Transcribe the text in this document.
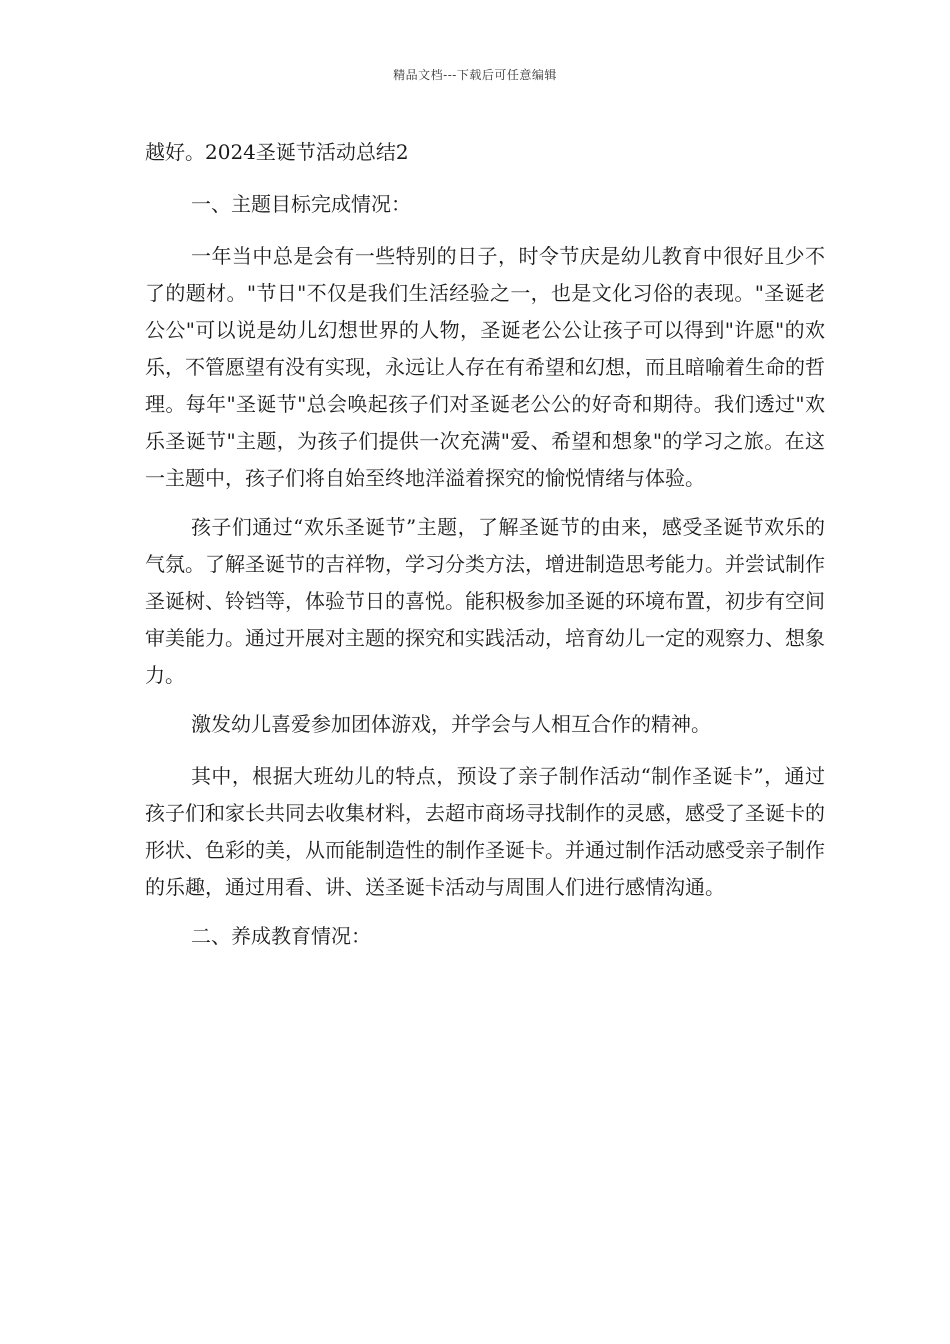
精品文档---下载后可任意编辑

越好。2024圣诞节活动总结2

一、主题目标完成情况：

一年当中总是会有一些特别的日子，时令节庆是幼儿教育中很好且少不了的题材。"节日"不仅是我们生活经验之一，也是文化习俗的表现。"圣诞老公公"可以说是幼儿幻想世界的人物，圣诞老公公让孩子可以得到"许愿"的欢乐，不管愿望有没有实现，永远让人存在有希望和幻想，而且暗喻着生命的哲理。每年"圣诞节"总会唤起孩子们对圣诞老公公的好奇和期待。我们透过"欢乐圣诞节"主题，为孩子们提供一次充满"爱、希望和想象"的学习之旅。在这一主题中，孩子们将自始至终地洋溢着探究的愉悦情绪与体验。

孩子们通过“欢乐圣诞节”主题，了解圣诞节的由来，感受圣诞节欢乐的气氛。了解圣诞节的吉祥物，学习分类方法，增进制造思考能力。并尝试制作圣诞树、铃铛等，体验节日的喜悦。能积极参加圣诞的环境布置，初步有空间审美能力。通过开展对主题的探究和实践活动，培育幼儿一定的观察力、想象力。

激发幼儿喜爱参加团体游戏，并学会与人相互合作的精神。

其中，根据大班幼儿的特点，预设了亲子制作活动“制作圣诞卡”，通过孩子们和家长共同去收集材料，去超市商场寻找制作的灵感，感受了圣诞卡的形状、色彩的美，从而能制造性的制作圣诞卡。并通过制作活动感受亲子制作的乐趣，通过用看、讲、送圣诞卡活动与周围人们进行感情沟通。

二、养成教育情况：
